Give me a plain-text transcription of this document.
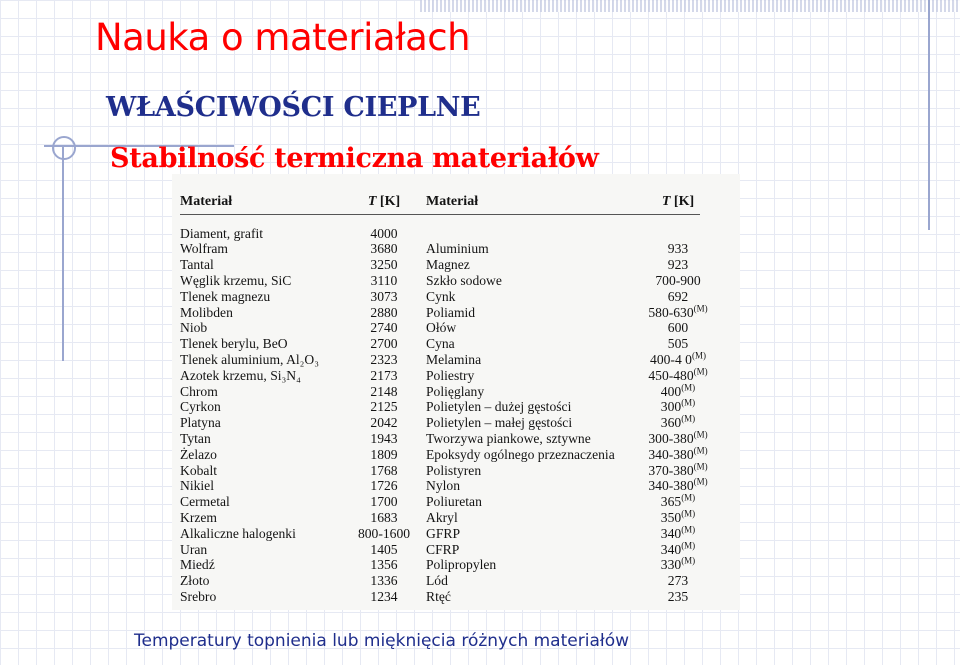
Nauka o materiałach
WŁAŚCIWOŚCI CIEPLNE
Stabilność termiczna materiałów
Materiał	T [K]	Materiał	T [K]

Diament, grafit	4000		
Wolfram	3680	Aluminium	933
Tantal	3250	Magnez	923
Węglik krzemu, SiC	3110	Szkło sodowe	700-900
Tlenek magnezu	3073	Cynk	692
Molibden	2880	Poliamid	$580-630^{(M)}$
Niob	2740	Ołów	600
Tlenek berylu, BeO	2700	Cyna	505
Tlenek aluminium, Al₂O₃	2323	Melamina	400-4 $0^{(M)}$
Azotek krzemu, Si₃N₄	2173	Poliestry	$450-480^{(M)}$
Chrom	2148	Polięglany	$400^{(M)}$
Cyrkon	2125	Polietylen – dużej gęstości	$300^{(M)}$
Platyna	2042	Polietylen – małej gęstości	$360^{(M)}$
Tytan	1943	Tworzywa piankowe, sztywne	$300-380^{(M)}$
Żelazo	1809	Epoksydy ogólnego przeznaczenia	$340-380^{(M)}$
Kobalt	1768	Polistyren	$370-380^{(M)}$
Nikiel	1726	Nylon	$340-380^{(M)}$
Cermetal	1700	Poliuretan	$365^{(M)}$
Krzem	1683	Akryl	$350^{(M)}$
Alkaliczne halogenki	800-1600	GFRP	$340^{(M)}$
Uran	1405	CFRP	$340^{(M)}$
Miedź	1356	Polipropylen	$330^{(M)}$
Złoto	1336	Lód	273
Srebro	1234	Rtęć	235

Temperatury topnienia lub mięknięcia różnych materiałów
